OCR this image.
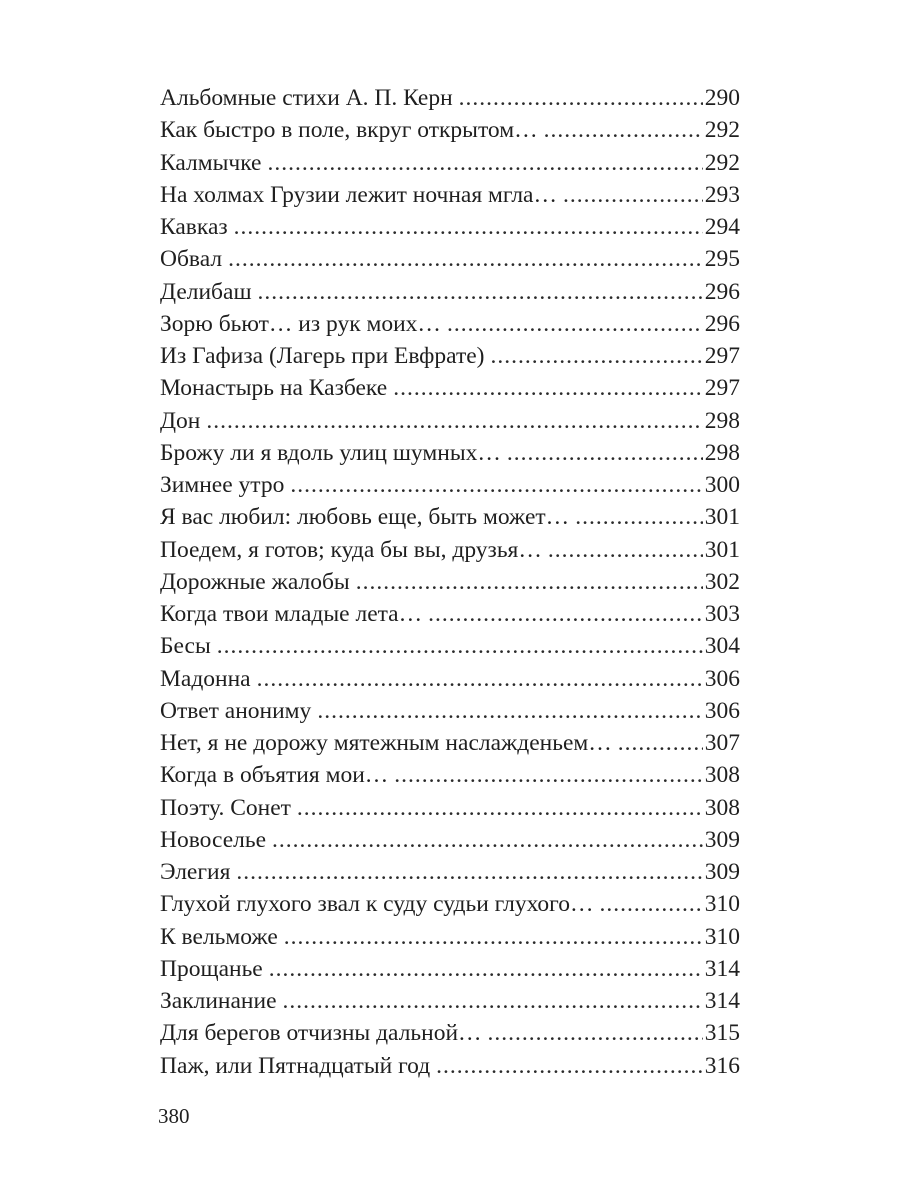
Альбомные стихи А. П. Керн .....	290
Как быстро в поле, вкруг открытом… .....	292
Калмычке .....	292
На холмах Грузии лежит ночная мгла… .....	293
Кавказ .....	294
Обвал .....	295
Делибаш .....	296
Зорю бьют… из рук моих… .....	296
Из Гафиза (Лагерь при Евфрате) .....	297
Монастырь на Казбеке .....	297
Дон .....	298
Брожу ли я вдоль улиц шумных… .....	298
Зимнее утро .....	300
Я вас любил: любовь еще, быть может… .....	301
Поедем, я готов; куда бы вы, друзья… .....	301
Дорожные жалобы .....	302
Когда твои младые лета… .....	303
Бесы .....	304
Мадонна .....	306
Ответ анониму .....	306
Нет, я не дорожу мятежным наслажденьем… .....	307
Когда в объятия мои… .....	308
Поэту. Сонет .....	308
Новоселье .....	309
Элегия .....	309
Глухой глухого звал к суду судьи глухого… .....	310
К вельможе .....	310
Прощанье .....	314
Заклинание .....	314
Для берегов отчизны дальной… .....	315
Паж, или Пятнадцатый год .....	316
380
